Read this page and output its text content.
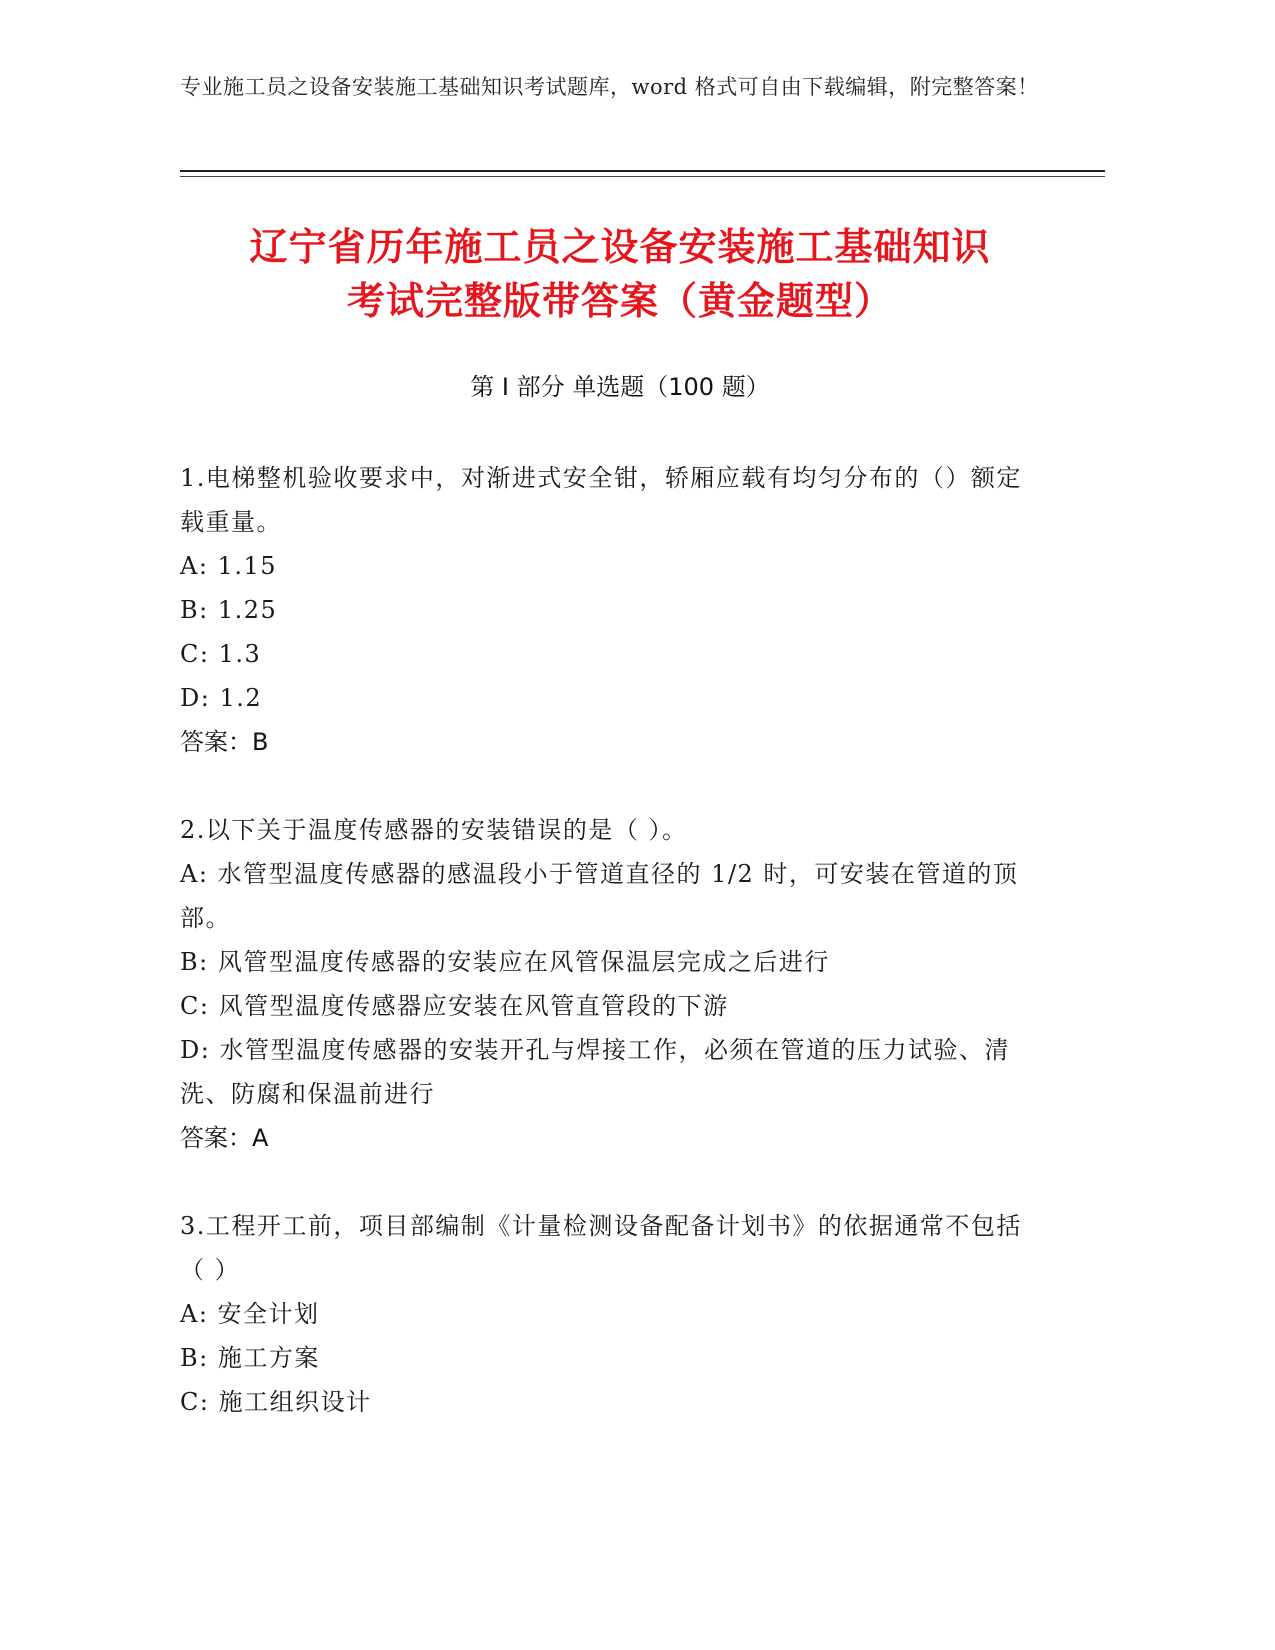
专业施工员之设备安装施工基础知识考试题库，word 格式可自由下载编辑，附完整答案！
辽宁省历年施工员之设备安装施工基础知识
考试完整版带答案（黄金题型）
第 I 部分 单选题（100 题）
1.电梯整机验收要求中，对渐进式安全钳，轿厢应载有均匀分布的（）额定载重量。
A: 1.15
B: 1.25
C: 1.3
D: 1.2
答案：B
2.以下关于温度传感器的安装错误的是（ ）。
A: 水管型温度传感器的感温段小于管道直径的 1/2 时，可安装在管道的顶部。
B: 风管型温度传感器的安装应在风管保温层完成之后进行
C: 风管型温度传感器应安装在风管直管段的下游
D: 水管型温度传感器的安装开孔与焊接工作，必须在管道的压力试验、清洗、防腐和保温前进行
答案：A
3.工程开工前，项目部编制《计量检测设备配备计划书》的依据通常不包括（ ）
A: 安全计划
B: 施工方案
C: 施工组织设计
